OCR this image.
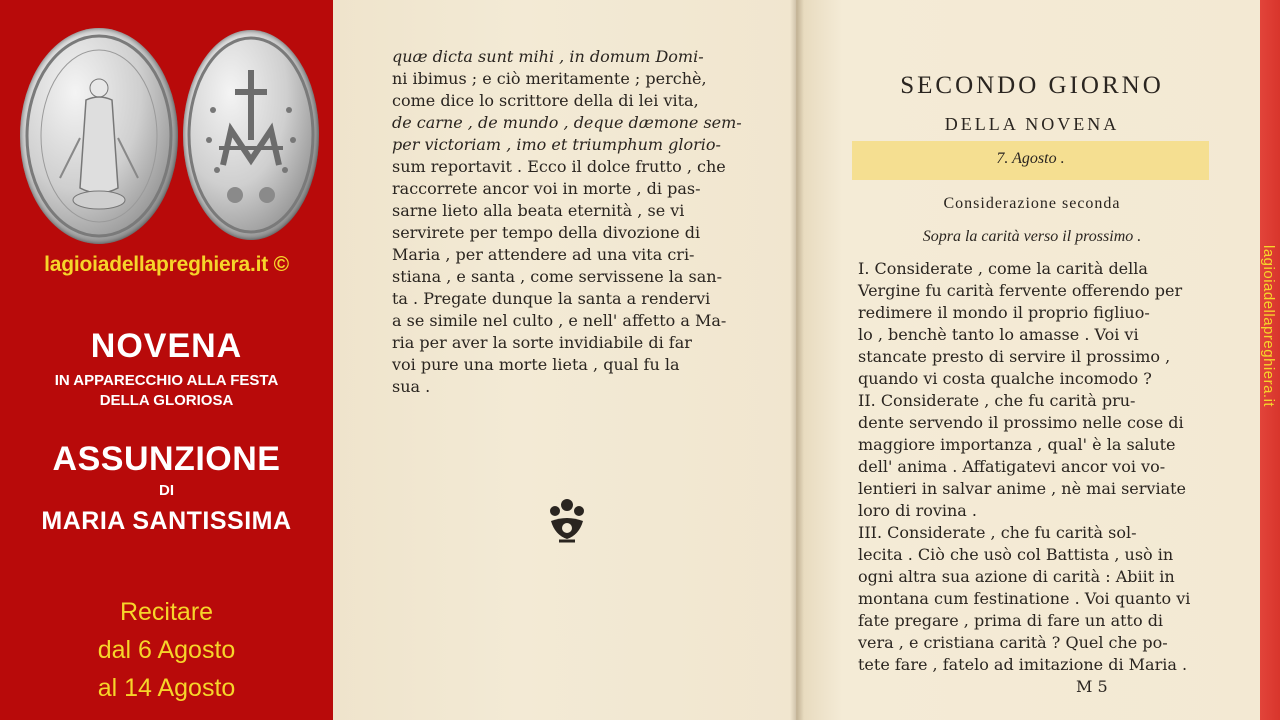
lagioiadellapreghiera.it ©
NOVENA
IN APPARECCHIO ALLA FESTA
DELLA GLORIOSA
ASSUNZIONE
DI
MARIA SANTISSIMA
Recitare
dal 6 Agosto
al 14 Agosto
quæ dicta sunt mihi , in domum Domi-
ni ibimus ; e ciò meritamente ; perchè,
come dice lo scrittore della di lei vita,
de carne , de mundo , deque dæmone sem-
per victoriam , imo et triumphum glorio-
sum reportavit . Ecco il dolce frutto , che
raccorrete ancor voi in morte , di pas-
sarne lieto alla beata eternità , se vi
servirete per tempo della divozione di
Maria , per attendere ad una vita cri-
stiana , e santa , come servissene la san-
ta . Pregate dunque la santa a rendervi
a se simile nel culto , e nell' affetto a Ma-
ria per aver la sorte invidiabile di far
voi pure una morte lieta , qual fu la
sua .
SECONDO GIORNO
DELLA NOVENA
7. Agosto .
Considerazione seconda
Sopra la carità verso il prossimo .
I. Considerate , come la carità della
Vergine fu carità fervente offerendo per
redimere il mondo il proprio figliuo-
lo , benchè tanto lo amasse . Voi vi
stancate presto di servire il prossimo ,
quando vi costa qualche incomodo ?
II. Considerate , che fu carità pru-
dente servendo il prossimo nelle cose di
maggiore importanza , qual' è la salute
dell' anima . Affatigatevi ancor voi vo-
lentieri in salvar anime , nè mai serviate
loro di rovina .
III. Considerate , che fu carità sol-
lecita . Ciò che usò col Battista , usò in
ogni altra sua azione di carità : Abiit in
montana cum festinatione . Voi quanto vi
fate pregare , prima di fare un atto di
vera , e cristiana carità ? Quel che po-
tete fare , fatelo ad imitazione di Maria .
M 5
lagioiadellapreghiera.it
